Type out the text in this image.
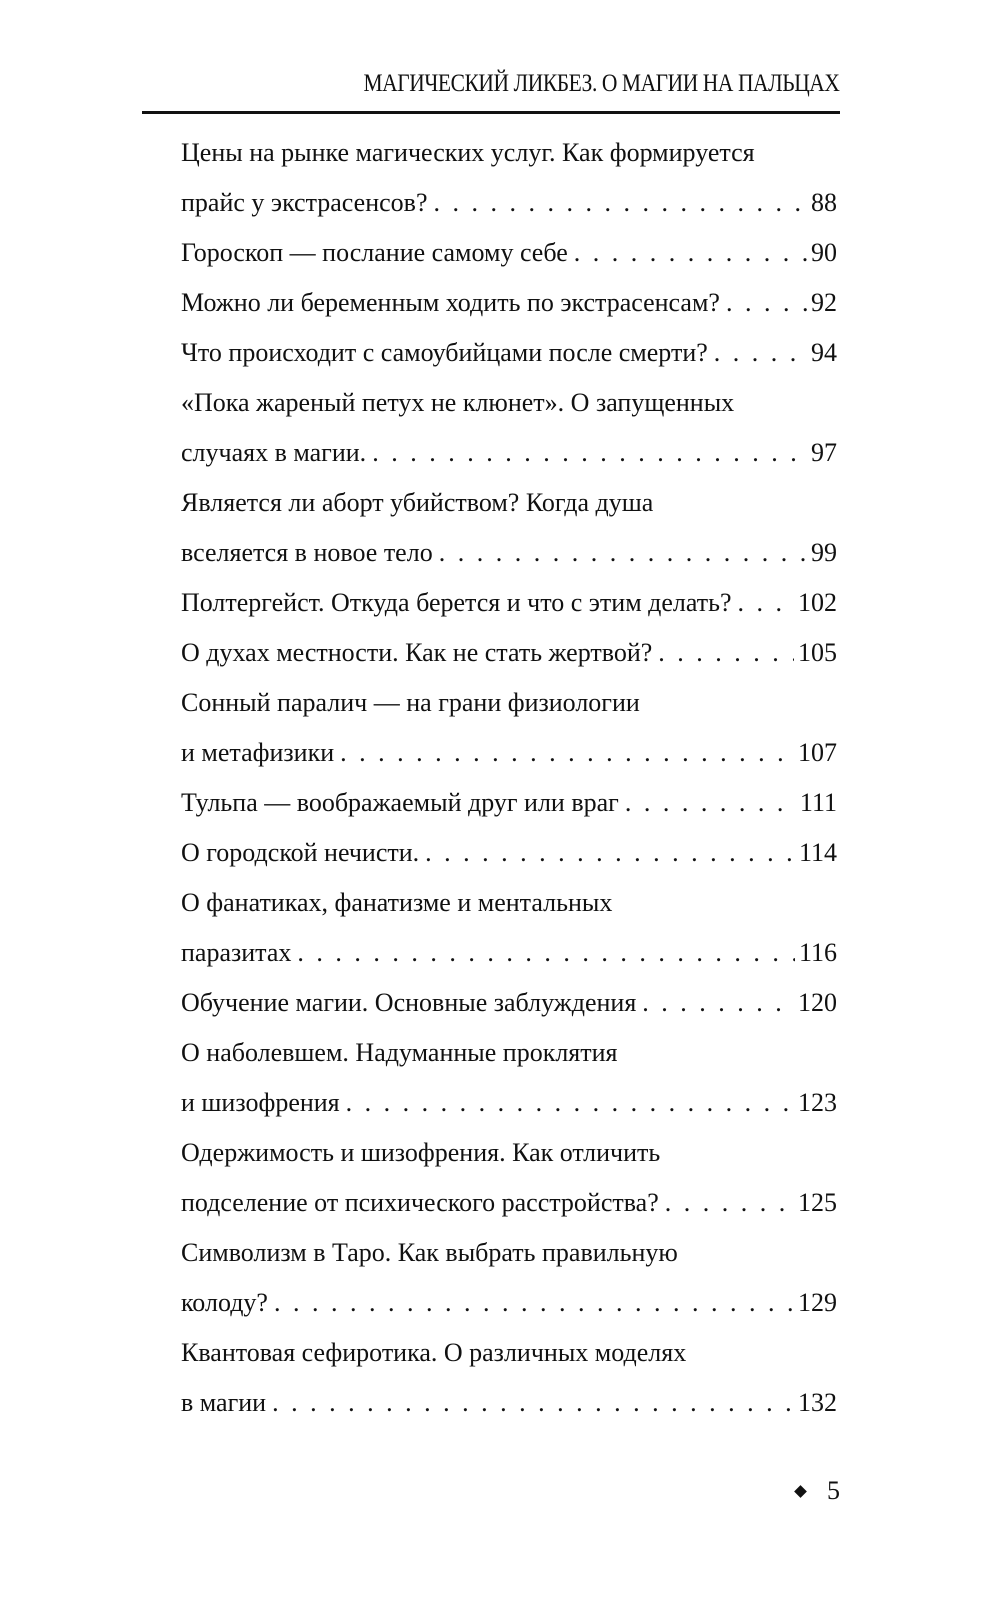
МАГИЧЕСКИЙ ЛИКБЕЗ. О МАГИИ НА ПАЛЬЦАХ
Цены на рынке магических услуг. Как формируется
прайс у экстрасенсов? . . .	88
Гороскоп — послание самому себе . . .	90
Можно ли беременным ходить по экстрасенсам? . . .	92
Что происходит с самоубийцами после смерти? . . .	94
«Пока жареный петух не клюнет». О запущенных
случаях в магии. . . .	97
Является ли аборт убийством? Когда душа
вселяется в новое тело . . .	99
Полтергейст. Откуда берется и что с этим делать? . . .	102
О духах местности. Как не стать жертвой? . . .	105
Сонный паралич — на грани физиологии
и метафизики . . .	107
Тульпа — воображаемый друг или враг . . .	111
О городской нечисти. . . .	114
О фанатиках, фанатизме и ментальных
паразитах . . .	116
Обучение магии. Основные заблуждения . . .	120
О наболевшем. Надуманные проклятия
и шизофрения . . .	123
Одержимость и шизофрения. Как отличить
подселение от психического расстройства? . . .	125
Символизм в Таро. Как выбрать правильную
колоду? . . .	129
Квантовая сефиротика. О различных моделях
в магии . . .	132
5
